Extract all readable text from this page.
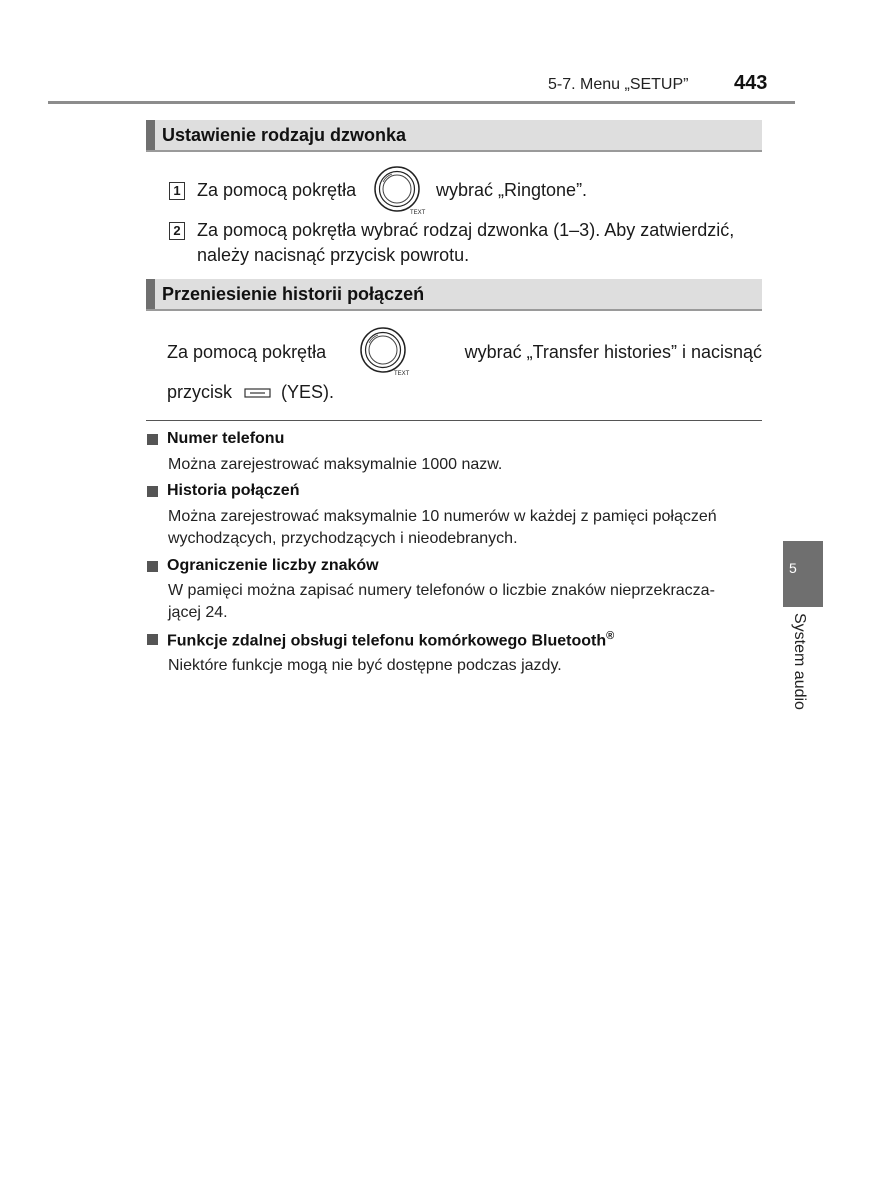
5-7. Menu „SETUP” 443
Ustawienie rodzaju dzwonka
1 Za pomocą pokrętła
TEXT
wybrać „Ringtone”.
2 Za pomocą pokrętła wybrać rodzaj dzwonka (1–3). Aby zatwierdzić,
należy nacisnąć przycisk powrotu.
Przeniesienie historii połączeń
Za pomocą pokrętła
TEXT
wybrać „Transfer histories” i nacisnąć
przycisk	(YES).
Numer telefonu
Można zarejestrować maksymalnie 1000 nazw.
Historia połączeń
Można zarejestrować maksymalnie 10 numerów w każdej z pamięci połączeń
wychodzących, przychodzących i nieodebranych.
Ograniczenie liczby znaków
W pamięci można zapisać numery telefonów o liczbie znaków nieprzekracza-
jącej 24.
Funkcje zdalnej obsługi telefonu komórkowego Bluetooth®
Niektóre funkcje mogą nie być dostępne podczas jazdy.
5
System audio
